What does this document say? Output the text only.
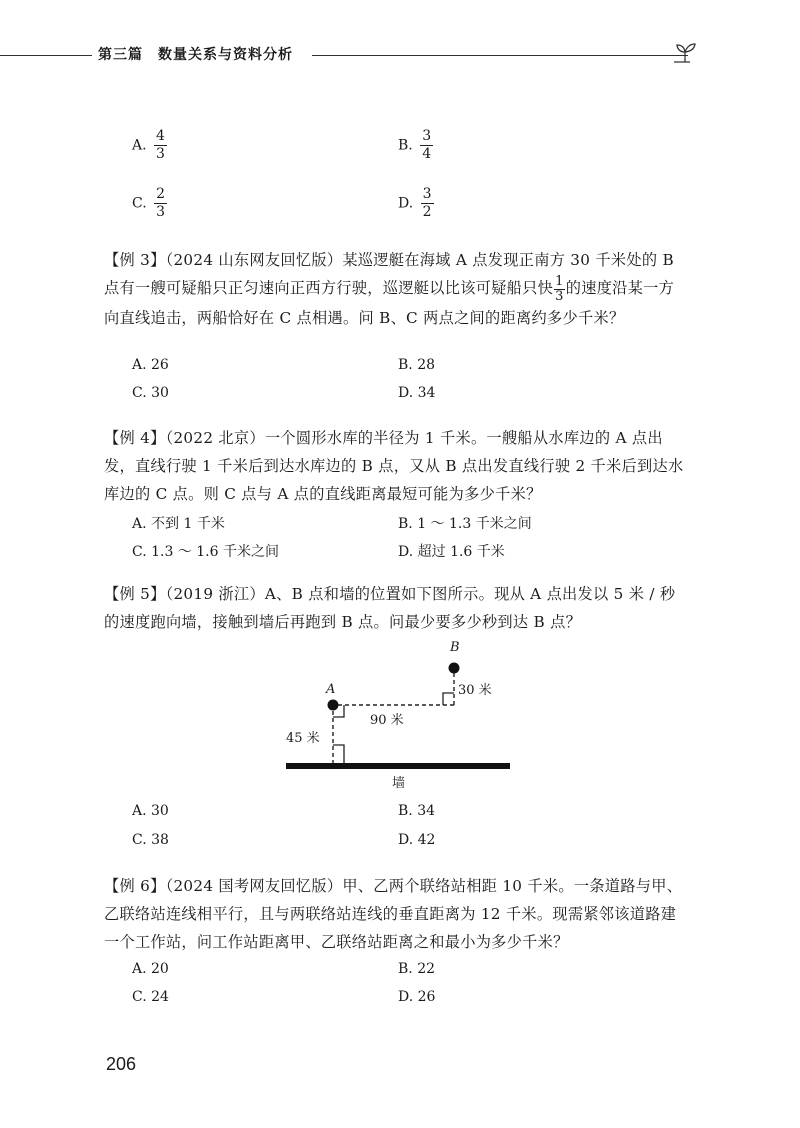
第三篇　数量关系与资料分析
A. $\frac{4}{3}$	B. $\frac{3}{4}$
C. $\frac{2}{3}$	D. $\frac{3}{2}$

【例 3】（2024 山东网友回忆版）某巡逻艇在海域 A 点发现正南方 30 千米处的 B

点有一艘可疑船只正匀速向正西方行驶，巡逻艇以比该可疑船只快 $\frac{1}{3}$ 的速度沿某一方

向直线追击，两船恰好在 C 点相遇。问 B、C 两点之间的距离约多少千米？

A. 26	B. 28
C. 30	D. 34

【例 4】（2022 北京）一个圆形水库的半径为 1 千米。一艘船从水库边的 A 点出

发，直线行驶 1 千米后到达水库边的 B 点，又从 B 点出发直线行驶 2 千米后到达水

库边的 C 点。则 C 点与 A 点的直线距离最短可能为多少千米？

A. 不到 1 千米	B. 1 ～ 1.3 千米之间
C. 1.3 ～ 1.6 千米之间	D. 超过 1.6 千米

【例 5】（2019 浙江）A、B 点和墙的位置如下图所示。现从 A 点出发以 5 米 / 秒

的速度跑向墙，接触到墙后再跑到 B 点。问最少要多少秒到达 B 点？

B
30 米
A
90 米
45 米
墙
A. 30	B. 34
C. 38	D. 42

【例 6】（2024 国考网友回忆版）甲、乙两个联络站相距 10 千米。一条道路与甲、

乙联络站连线相平行，且与两联络站连线的垂直距离为 12 千米。现需紧邻该道路建

一个工作站，问工作站距离甲、乙联络站距离之和最小为多少千米？

A. 20	B. 22
C. 24	D. 26
206
